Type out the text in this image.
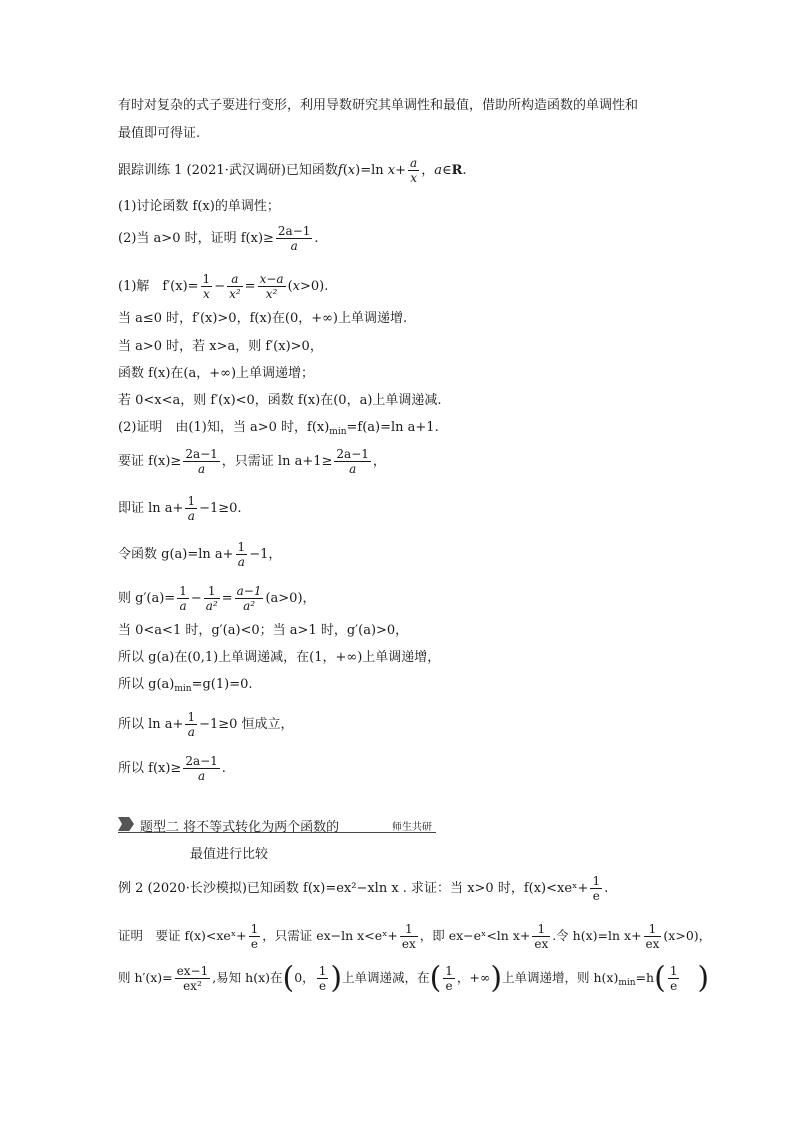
有时对复杂的式子要进行变形，利用导数研究其单调性和最值，借助所构造函数的单调性和
最值即可得证.
跟踪训练 1 (2021·武汉调研)已知函数f(x)=ln $x+ \frac{a}{x}$ ，a∈R.
(1)讨论函数 f(x)的单调性；
(2)当 a>0 时，证明 $f(x)\ge \frac{2a-1}{a}$ .
(1)解　$f'(x)= \frac{1}{x} - \frac{a}{\text{x²}} = \frac{x-a}{\text{x²}} (x>0)$.
当 a≤0 时，f′(x)>0，f(x)在(0，+∞)上单调递增.
当 a>0 时，若 x>a，则 f′(x)>0，
函数 f(x)在(a，+∞)上单调递增；
若 0<x<a，则 f′(x)<0，函数 f(x)在(0，a)上单调递减.
(2)证明　由(1)知，当 a>0 时，$f(x)_{min}=f(a)=\ln$ a+1.
要证 $f(x)\ge \frac{2a-1}{a}$ ，只需证 $\ln a+1\ge \frac{2a-1}{a}$ ，
即证 $\ln a+ \frac{1}{a} -1\ge 0$.
令函数 g(a)=ln $a+ \frac{1}{a} -1$，
则 $g'(a)= \frac{1}{a} - \frac{1}{\text{a²}} = \frac{a-1}{\text{a²}} (a>0)$，
当 0<a<1 时，g′(a)<0；当 a>1 时，g′(a)>0，
所以 g(a)在(0,1)上单调递减，在(1，+∞)上单调递增，
所以 $g(a)_{min}=g(1)=0$.
所以 $\ln a+ \frac{1}{a} -1\ge 0$ 恒成立，
所以 $f(x)\ge \frac{2a-1}{a}$ .
题型二 将不等式转化为两个函数的	师生共研
最值进行比较
例 2 (2020·长沙模拟)已知函数 f(x)=ex²−xln x . 求证：当 x>0 时，f(x)<xeˣ+ $\frac{1}{e}$ .
证明　要证 f(x)<xeˣ+ $\frac{1}{e}$ ，只需证 ex−ln x<eˣ+ $\frac{1}{ex}$ ，即 ex−eˣ<ln $x+ \frac{1}{ex}$ .令 h(x)=ln $x+ \frac{1}{ex} (x>0)$，
则 $h'(x)= \frac{ex-1}{\text{ex²}}$ ,易知 h(x)在(0， $\frac{1}{e}$ )上单调递减，在( $\frac{1}{e}$ ，+∞)上单调递增，则 $h(x)_{min}=h( \frac{1}{e}$ )
